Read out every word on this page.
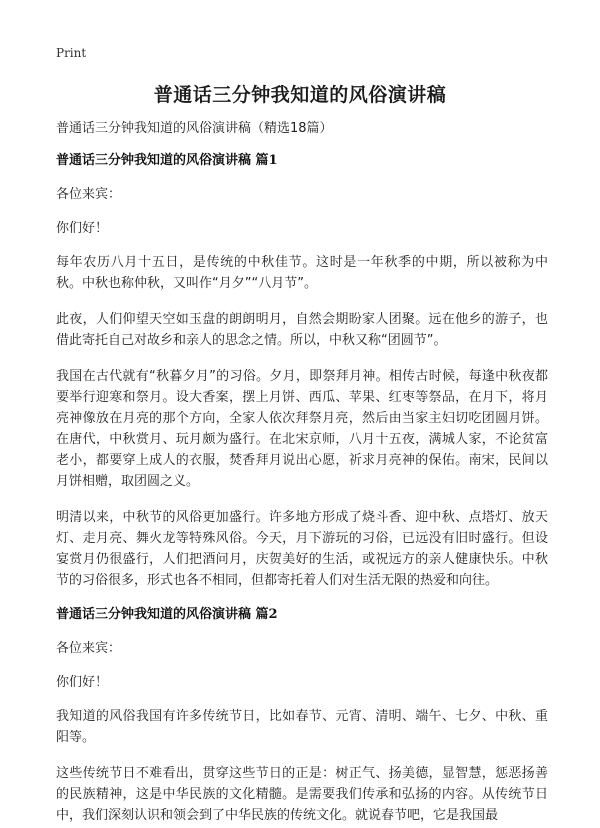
Print
普通话三分钟我知道的风俗演讲稿
普通话三分钟我知道的风俗演讲稿（精选18篇）
普通话三分钟我知道的风俗演讲稿 篇1

各位来宾：

你们好！

每年农历八月十五日，是传统的中秋佳节。这时是一年秋季的中期，所以被称为中秋。中秋也称仲秋，又叫作“月夕”“八月节”。

此夜，人们仰望天空如玉盘的朗朗明月，自然会期盼家人团聚。远在他乡的游子，也借此寄托自己对故乡和亲人的思念之情。所以，中秋又称“团圆节”。

我国在古代就有“秋暮夕月”的习俗。夕月，即祭拜月神。相传古时候，每逢中秋夜都要举行迎寒和祭月。设大香案，摆上月饼、西瓜、苹果、红枣等祭品，在月下，将月亮神像放在月亮的那个方向，全家人依次拜祭月亮，然后由当家主妇切吃团圆月饼。在唐代，中秋赏月、玩月颇为盛行。在北宋京师，八月十五夜，满城人家，不论贫富老小，都要穿上成人的衣服，焚香拜月说出心愿，祈求月亮神的保佑。南宋，民间以月饼相赠，取团圆之义。

明清以来，中秋节的风俗更加盛行。许多地方形成了烧斗香、迎中秋、点塔灯、放天灯、走月亮、舞火龙等特殊风俗。今天，月下游玩的习俗，已远没有旧时盛行。但设宴赏月仍很盛行，人们把酒问月，庆贺美好的生活，或祝远方的亲人健康快乐。中秋节的习俗很多，形式也各不相同，但都寄托着人们对生活无限的热爱和向往。

普通话三分钟我知道的风俗演讲稿 篇2

各位来宾：

你们好！

我知道的风俗我国有许多传统节日，比如春节、元宵、清明、端午、七夕、中秋、重阳等。

这些传统节日不难看出，贯穿这些节日的正是：树正气、扬美德，显智慧，惩恶扬善的民族精神，这是中华民族的文化精髓。是需要我们传承和弘扬的内容。从传统节日中，我们深刻认识和领会到了中华民族的传统文化。就说春节吧，它是我国最
